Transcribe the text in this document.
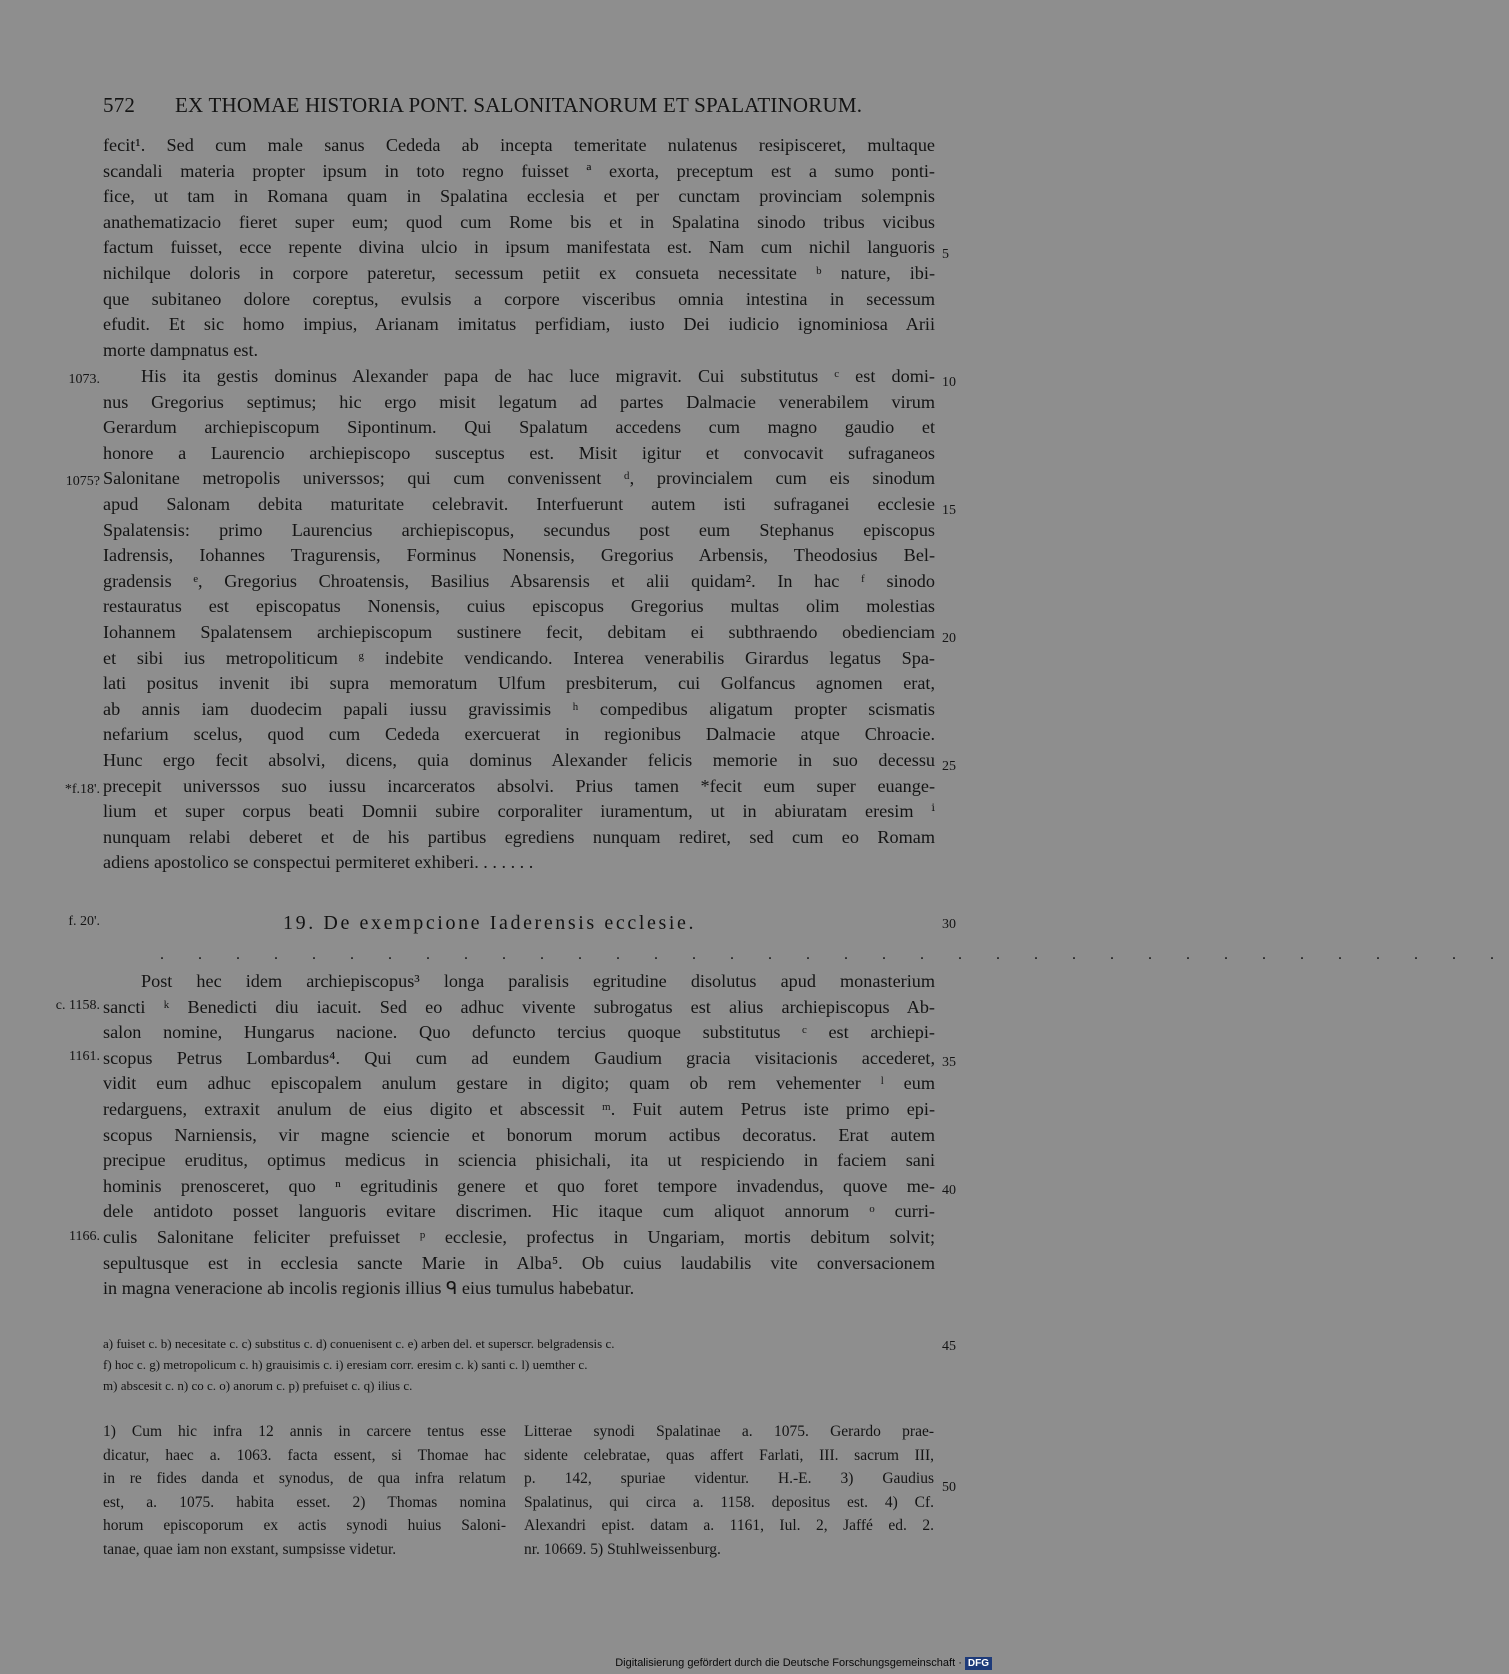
572 EX THOMAE HISTORIA PONT. SALONITANORUM ET SPALATINORUM.
fecit¹. Sed cum male sanus Cededa ab incepta temeritate nulatenus resipisceret, multaque
scandali materia propter ipsum in toto regno fuisset ª exorta, preceptum est a sumo ponti-
fice, ut tam in Romana quam in Spalatina ecclesia et per cunctam provinciam solempnis
anathematizacio fieret super eum; quod cum Rome bis et in Spalatina sinodo tribus vicibus
factum fuisset, ecce repente divina ulcio in ipsum manifestata est. Nam cum nichil languoris
nichilque doloris in corpore pateretur, secessum petiit ex consueta necessitate ᵇ nature, ibi-
que subitaneo dolore coreptus, evulsis a corpore visceribus omnia intestina in secessum
efudit. Et sic homo impius, Arianam imitatus perfidiam, iusto Dei iudicio ignominiosa Arii
morte dampnatus est.
His ita gestis dominus Alexander papa de hac luce migravit. Cui substitutus ᶜ est domi-
nus Gregorius septimus; hic ergo misit legatum ad partes Dalmacie venerabilem virum
Gerardum archiepiscopum Sipontinum. Qui Spalatum accedens cum magno gaudio et
honore a Laurencio archiepiscopo susceptus est. Misit igitur et convocavit sufraganeos
Salonitane metropolis universsos; qui cum convenissent ᵈ, provincialem cum eis sinodum
apud Salonam debita maturitate celebravit. Interfuerunt autem isti sufraganei ecclesie
Spalatensis: primo Laurencius archiepiscopus, secundus post eum Stephanus episcopus
Iadrensis, Iohannes Tragurensis, Forminus Nonensis, Gregorius Arbensis, Theodosius Bel-
gradensis ᵉ, Gregorius Chroatensis, Basilius Absarensis et alii quidam². In hac ᶠ sinodo
restauratus est episcopatus Nonensis, cuius episcopus Gregorius multas olim molestias
Iohannem Spalatensem archiepiscopum sustinere fecit, debitam ei subthraendo obedienciam
et sibi ius metropoliticum ᵍ indebite vendicando. Interea venerabilis Girardus legatus Spa-
lati positus invenit ibi supra memoratum Ulfum presbiterum, cui Golfancus agnomen erat,
ab annis iam duodecim papali iussu gravissimis ʰ compedibus aligatum propter scismatis
nefarium scelus, quod cum Cededa exercuerat in regionibus Dalmacie atque Chroacie.
Hunc ergo fecit absolvi, dicens, quia dominus Alexander felicis memorie in suo decessu
precepit universsos suo iussu incarceratos absolvi. Prius tamen *fecit eum super euange-
lium et super corpus beati Domnii subire corporaliter iuramentum, ut in abiuratam eresim ⁱ
nunquam relabi deberet et de his partibus egrediens nunquam rediret, sed cum eo Romam
adiens apostolico se conspectui permiteret exhiberi. . . . . . .
19. De exempcione Iaderensis ecclesie.
. . . . . . . . . . . . . . . . . . . . . . . . . . . . . . . . . . . .
Post hec idem archiepiscopus³ longa paralisis egritudine disolutus apud monasterium
sancti ᵏ Benedicti diu iacuit. Sed eo adhuc vivente subrogatus est alius archiepiscopus Ab-
salon nomine, Hungarus nacione. Quo defuncto tercius quoque substitutus ᶜ est archiepi-
scopus Petrus Lombardus⁴. Qui cum ad eundem Gaudium gracia visitacionis accederet,
vidit eum adhuc episcopalem anulum gestare in digito; quam ob rem vehementer ˡ eum
redarguens, extraxit anulum de eius digito et abscessit ᵐ. Fuit autem Petrus iste primo epi-
scopus Narniensis, vir magne sciencie et bonorum morum actibus decoratus. Erat autem
precipue eruditus, optimus medicus in sciencia phisichali, ita ut respiciendo in faciem sani
hominis prenosceret, quo ⁿ egritudinis genere et quo foret tempore invadendus, quove me-
dele antidoto posset languoris evitare discrimen. Hic itaque cum aliquot annorum ᵒ curri-
culis Salonitane feliciter prefuisset ᵖ ecclesie, profectus in Ungariam, mortis debitum solvit;
sepultusque est in ecclesia sancte Marie in Alba⁵. Ob cuius laudabilis vite conversacionem
in magna veneracione ab incolis regionis illius ᑫ eius tumulus habebatur.
1073.
1075?
*f.18'.
f. 20'.
c. 1158.
1161.
1166.
5
10
15
20
25
30
35
40
45
50
a) fuiset c. b) necesitate c. c) substitus c. d) conuenisent c. e) arben del. et superscr. belgradensis c.
f) hoc c. g) metropolicum c. h) grauisimis c. i) eresiam corr. eresim c. k) santi c. l) uemther c.
m) abscesit c. n) co c. o) anorum c. p) prefuiset c. q) ilius c.
1) Cum hic infra 12 annis in carcere tentus esse
dicatur, haec a. 1063. facta essent, si Thomae hac
in re fides danda et synodus, de qua infra relatum
est, a. 1075. habita esset. 2) Thomas nomina
horum episcoporum ex actis synodi huius Saloni-
tanae, quae iam non exstant, sumpsisse videtur.
Litterae synodi Spalatinae a. 1075. Gerardo prae-
sidente celebratae, quas affert Farlati, III. sacrum III,
p. 142, spuriae videntur. H.-E. 3) Gaudius
Spalatinus, qui circa a. 1158. depositus est. 4) Cf.
Alexandri epist. datam a. 1161, Iul. 2, Jaffé ed. 2.
nr. 10669. 5) Stuhlweissenburg.
Digitalisierung gefördert durch die Deutsche Forschungsgemeinschaft · DFG
